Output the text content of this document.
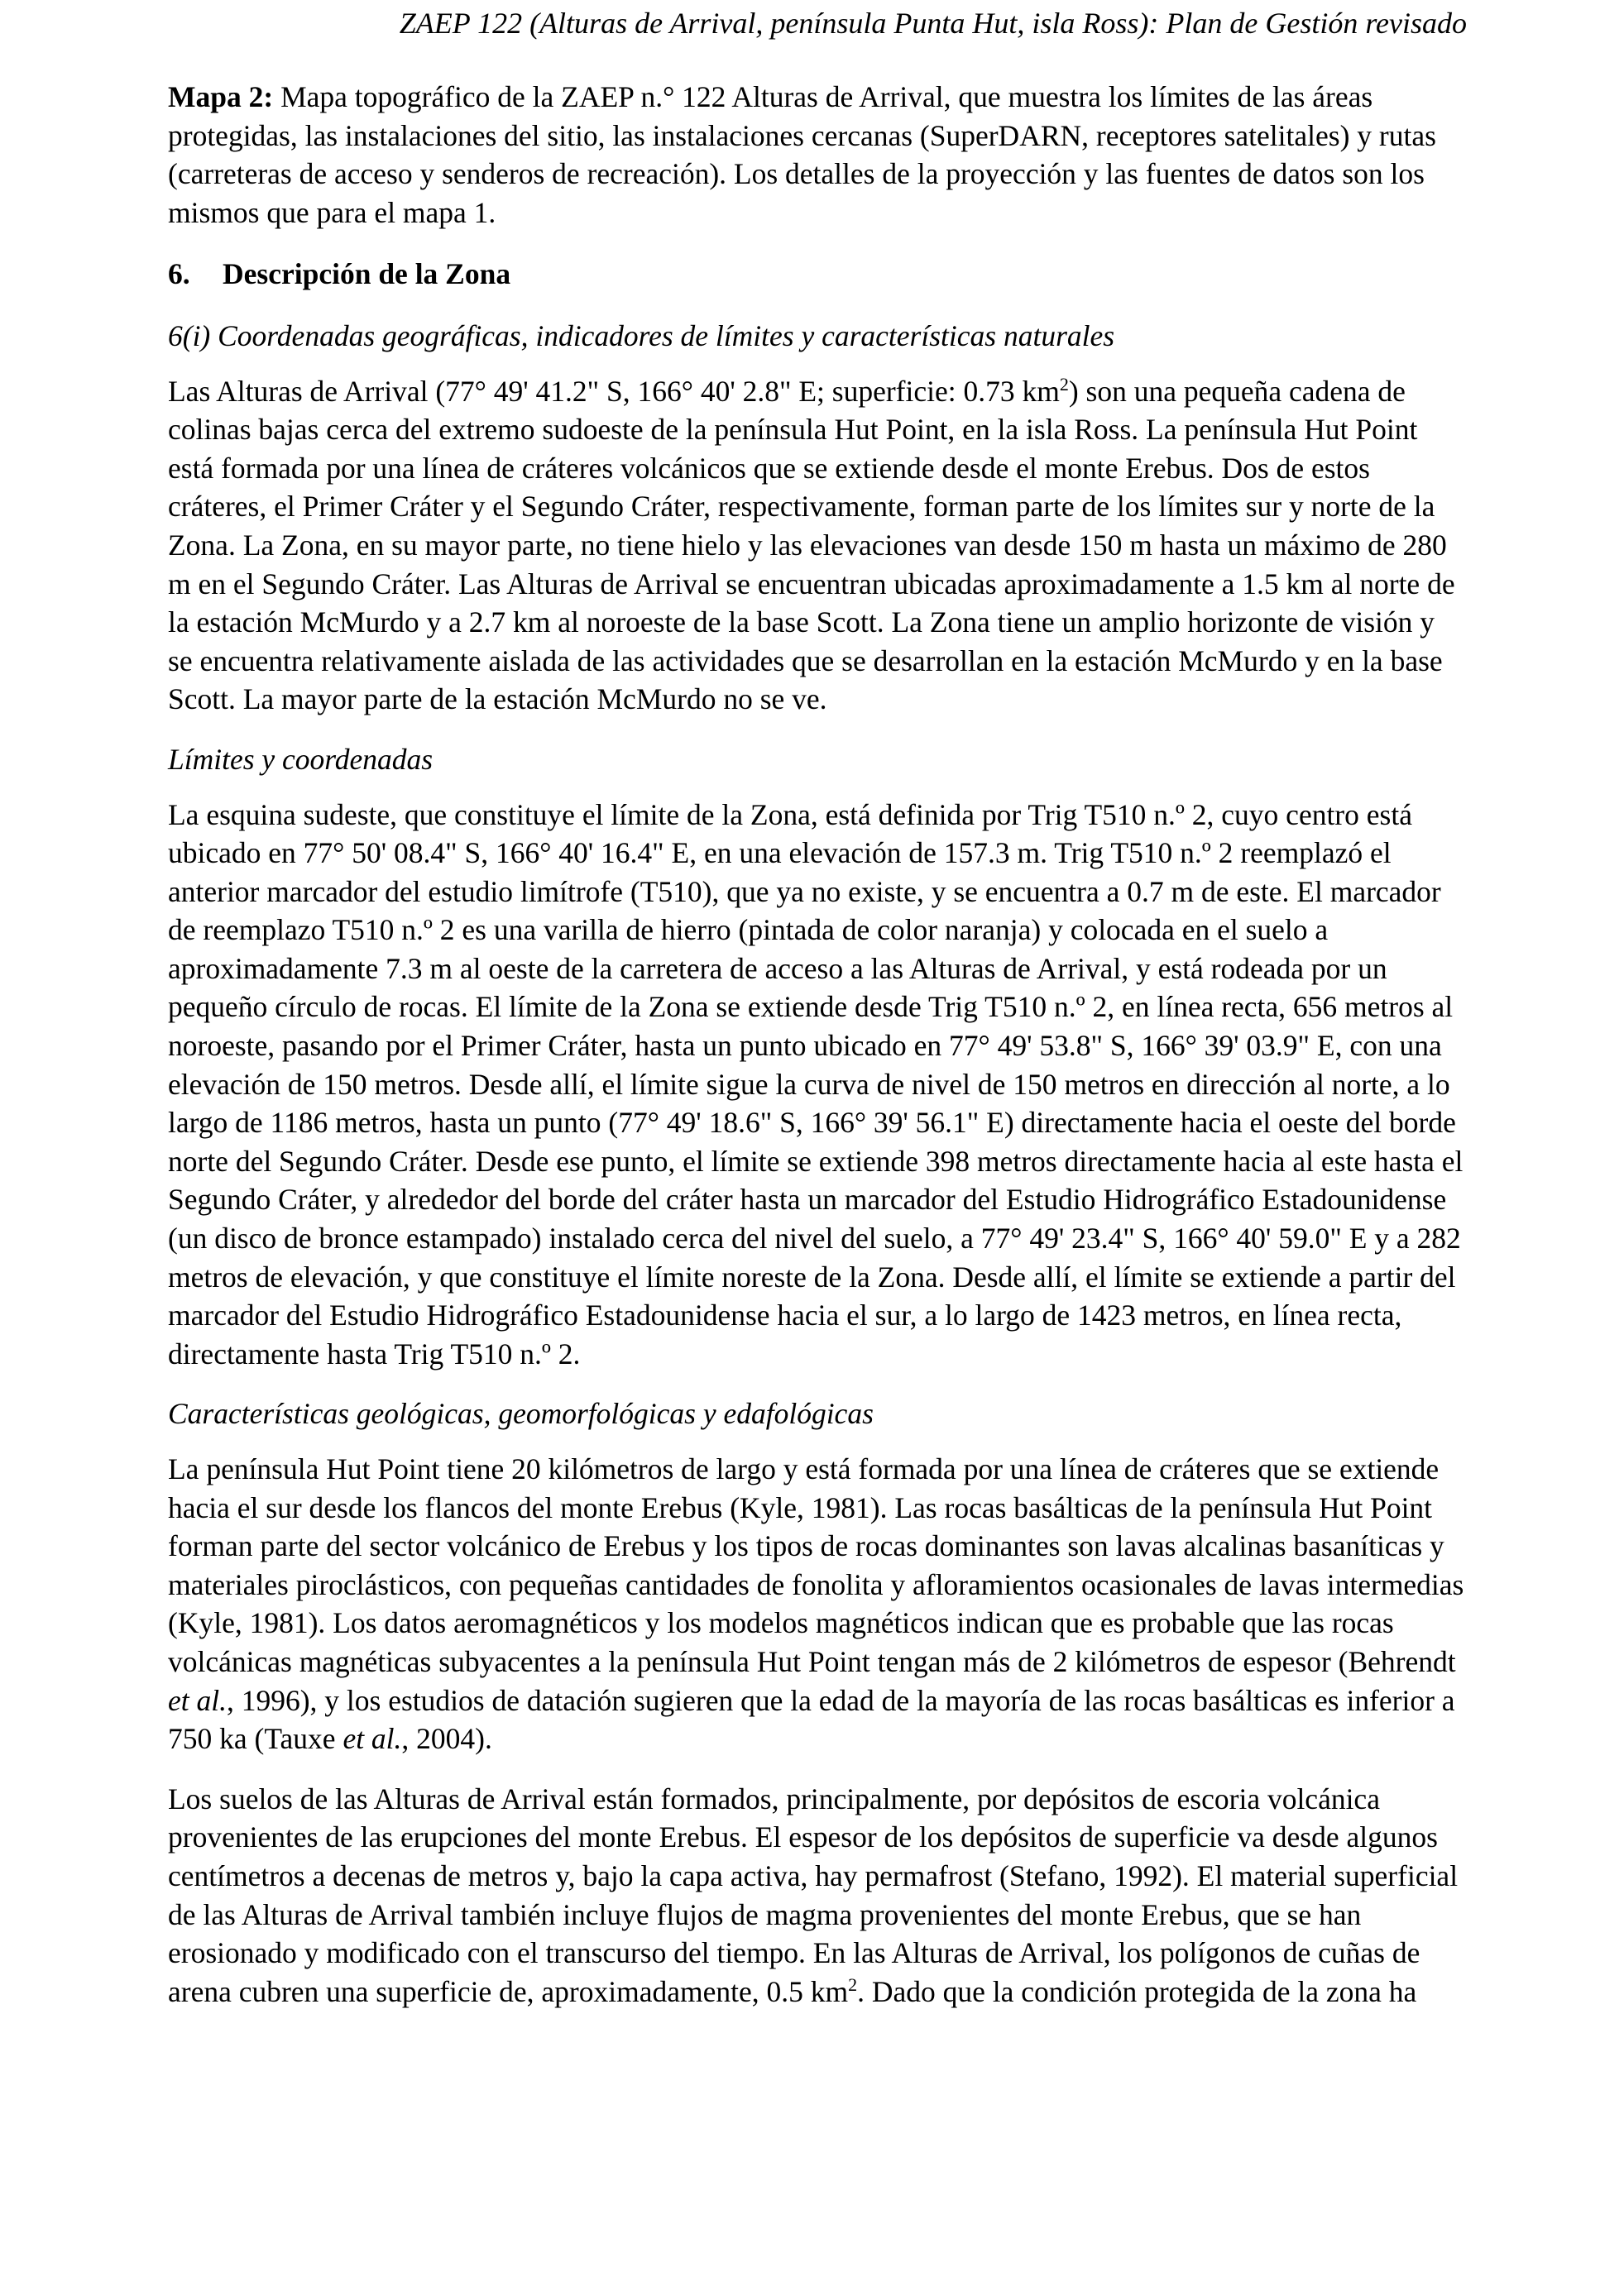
ZAEP 122 (Alturas de Arrival, península Punta Hut, isla Ross): Plan de Gestión revisado

Mapa 2: Mapa topográfico de la ZAEP n.° 122 Alturas de Arrival, que muestra los límites de las áreas protegidas, las instalaciones del sitio, las instalaciones cercanas (SuperDARN, receptores satelitales) y rutas (carreteras de acceso y senderos de recreación). Los detalles de la proyección y las fuentes de datos son los mismos que para el mapa 1.

6. Descripción de la Zona

6(i) Coordenadas geográficas, indicadores de límites y características naturales

Las Alturas de Arrival (77° 49' 41.2" S, 166° 40' 2.8" E; superficie: 0.73 $km^2$) son una pequeña cadena de colinas bajas cerca del extremo sudoeste de la península Hut Point, en la isla Ross. La península Hut Point está formada por una línea de cráteres volcánicos que se extiende desde el monte Erebus. Dos de estos cráteres, el Primer Cráter y el Segundo Cráter, respectivamente, forman parte de los límites sur y norte de la Zona. La Zona, en su mayor parte, no tiene hielo y las elevaciones van desde 150 m hasta un máximo de 280 m en el Segundo Cráter. Las Alturas de Arrival se encuentran ubicadas aproximadamente a 1.5 km al norte de la estación McMurdo y a 2.7 km al noroeste de la base Scott. La Zona tiene un amplio horizonte de visión y se encuentra relativamente aislada de las actividades que se desarrollan en la estación McMurdo y en la base Scott. La mayor parte de la estación McMurdo no se ve.

Límites y coordenadas

La esquina sudeste, que constituye el límite de la Zona, está definida por Trig T510 n.º 2, cuyo centro está ubicado en 77° 50' 08.4" S, 166° 40' 16.4" E, en una elevación de 157.3 m. Trig T510 n.º 2 reemplazó el anterior marcador del estudio limítrofe (T510), que ya no existe, y se encuentra a 0.7 m de este. El marcador de reemplazo T510 n.º 2 es una varilla de hierro (pintada de color naranja) y colocada en el suelo a aproximadamente 7.3 m al oeste de la carretera de acceso a las Alturas de Arrival, y está rodeada por un pequeño círculo de rocas. El límite de la Zona se extiende desde Trig T510 n.º 2, en línea recta, 656 metros al noroeste, pasando por el Primer Cráter, hasta un punto ubicado en 77° 49' 53.8" S, 166° 39' 03.9" E, con una elevación de 150 metros. Desde allí, el límite sigue la curva de nivel de 150 metros en dirección al norte, a lo largo de 1186 metros, hasta un punto (77° 49' 18.6" S, 166° 39' 56.1" E) directamente hacia el oeste del borde norte del Segundo Cráter. Desde ese punto, el límite se extiende 398 metros directamente hacia al este hasta el Segundo Cráter, y alrededor del borde del cráter hasta un marcador del Estudio Hidrográfico Estadounidense (un disco de bronce estampado) instalado cerca del nivel del suelo, a 77° 49' 23.4" S, 166° 40' 59.0" E y a 282 metros de elevación, y que constituye el límite noreste de la Zona. Desde allí, el límite se extiende a partir del marcador del Estudio Hidrográfico Estadounidense hacia el sur, a lo largo de 1423 metros, en línea recta, directamente hasta Trig T510 n.º 2.

Características geológicas, geomorfológicas y edafológicas

La península Hut Point tiene 20 kilómetros de largo y está formada por una línea de cráteres que se extiende hacia el sur desde los flancos del monte Erebus (Kyle, 1981). Las rocas basálticas de la península Hut Point forman parte del sector volcánico de Erebus y los tipos de rocas dominantes son lavas alcalinas basaníticas y materiales piroclásticos, con pequeñas cantidades de fonolita y afloramientos ocasionales de lavas intermedias (Kyle, 1981). Los datos aeromagnéticos y los modelos magnéticos indican que es probable que las rocas volcánicas magnéticas subyacentes a la península Hut Point tengan más de 2 kilómetros de espesor (Behrendt et al., 1996), y los estudios de datación sugieren que la edad de la mayoría de las rocas basálticas es inferior a 750 ka (Tauxe et al., 2004).

Los suelos de las Alturas de Arrival están formados, principalmente, por depósitos de escoria volcánica provenientes de las erupciones del monte Erebus. El espesor de los depósitos de superficie va desde algunos centímetros a decenas de metros y, bajo la capa activa, hay permafrost (Stefano, 1992). El material superficial de las Alturas de Arrival también incluye flujos de magma provenientes del monte Erebus, que se han erosionado y modificado con el transcurso del tiempo. En las Alturas de Arrival, los polígonos de cuñas de arena cubren una superficie de, aproximadamente, 0.5 $km^2$. Dado que la condición protegida de la zona ha
